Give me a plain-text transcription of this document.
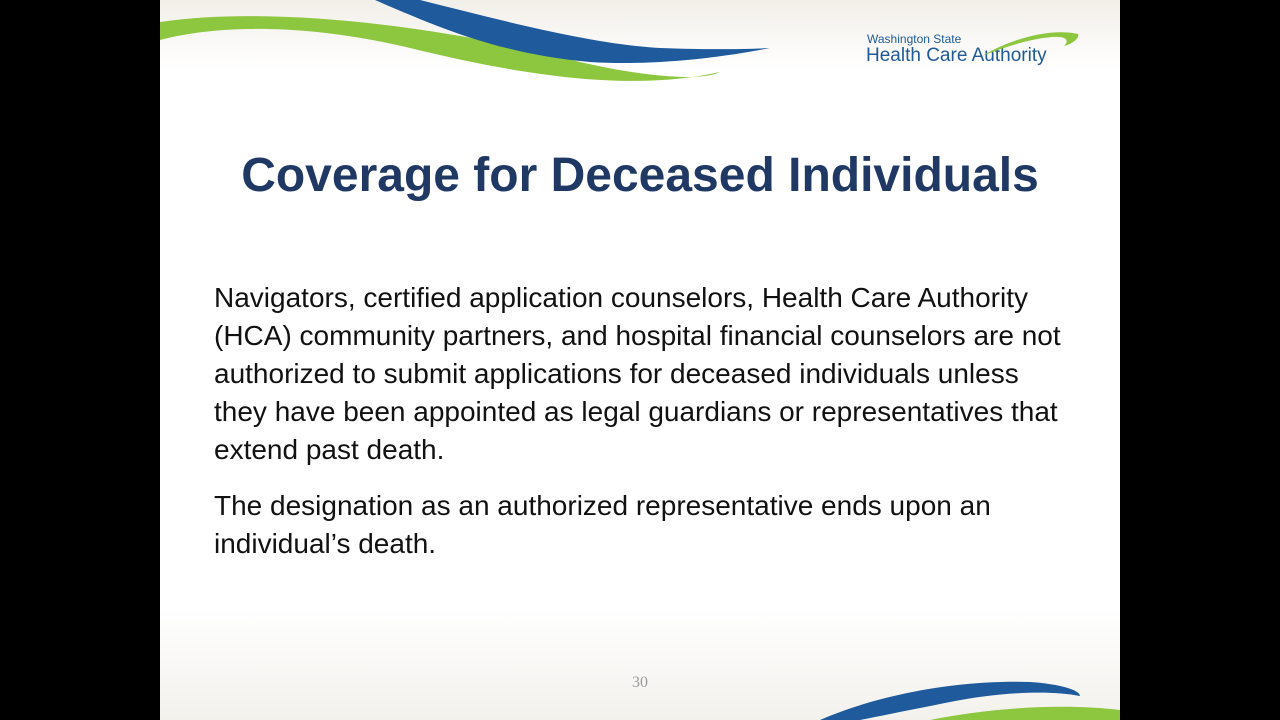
Washington State
Health Care Authority
Coverage for Deceased Individuals

Navigators, certified application counselors, Health Care Authority (HCA) community partners, and hospital financial counselors are not authorized to submit applications for deceased individuals unless they have been appointed as legal guardians or representatives that extend past death.

The designation as an authorized representative ends upon an individual’s death.

30
